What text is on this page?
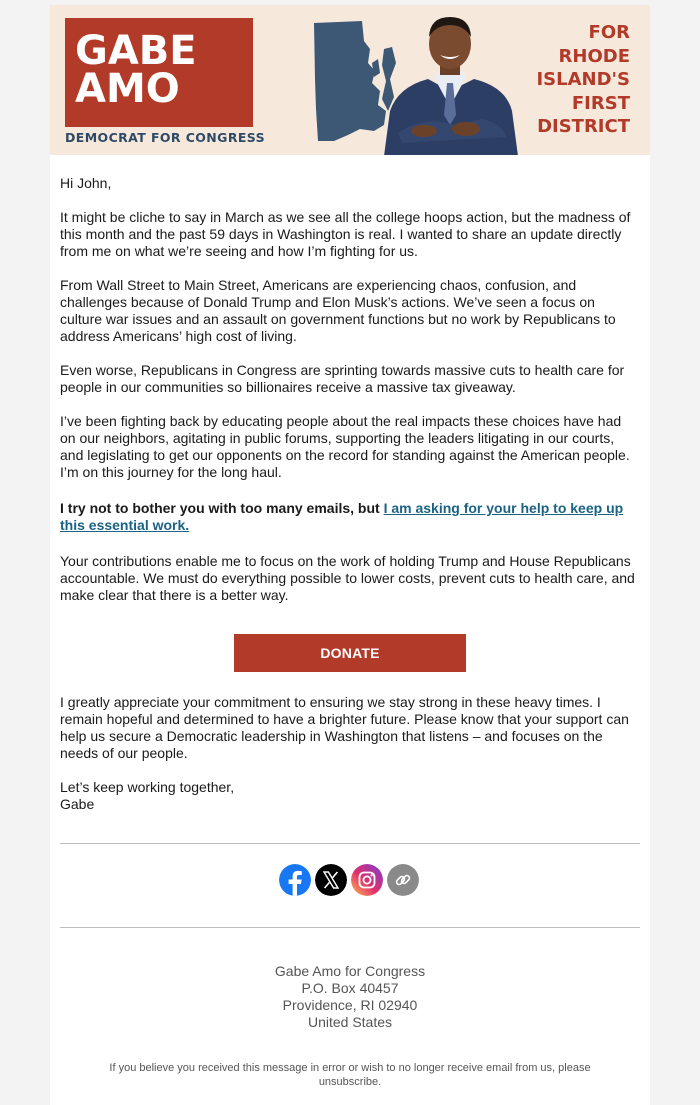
GABE
AMO
DEMOCRAT FOR CONGRESS
FOR
RHODE
ISLAND'S
FIRST
DISTRICT

Hi John,

It might be cliche to say in March as we see all the college hoops action, but the madness of this month and the past 59 days in Washington is real. I wanted to share an update directly from me on what we’re seeing and how I’m fighting for us.

From Wall Street to Main Street, Americans are experiencing chaos, confusion, and challenges because of Donald Trump and Elon Musk’s actions. We’ve seen a focus on culture war issues and an assault on government functions but no work by Republicans to address Americans’ high cost of living.

Even worse, Republicans in Congress are sprinting towards massive cuts to health care for people in our communities so billionaires receive a massive tax giveaway.

I’ve been fighting back by educating people about the real impacts these choices have had on our neighbors, agitating in public forums, supporting the leaders litigating in our courts, and legislating to get our opponents on the record for standing against the American people. I’m on this journey for the long haul.

I try not to bother you with too many emails, but I am asking for your help to keep up this essential work.

Your contributions enable me to focus on the work of holding Trump and House Republicans accountable. We must do everything possible to lower costs, prevent cuts to health care, and make clear that there is a better way.

DONATE

I greatly appreciate your commitment to ensuring we stay strong in these heavy times. I remain hopeful and determined to have a brighter future. Please know that your support can help us secure a Democratic leadership in Washington that listens – and focuses on the needs of our people.

Let’s keep working together,
Gabe

Gabe Amo for Congress
P.O. Box 40457
Providence, RI 02940
United States
If you believe you received this message in error or wish to no longer receive email from us, please unsubscribe.
